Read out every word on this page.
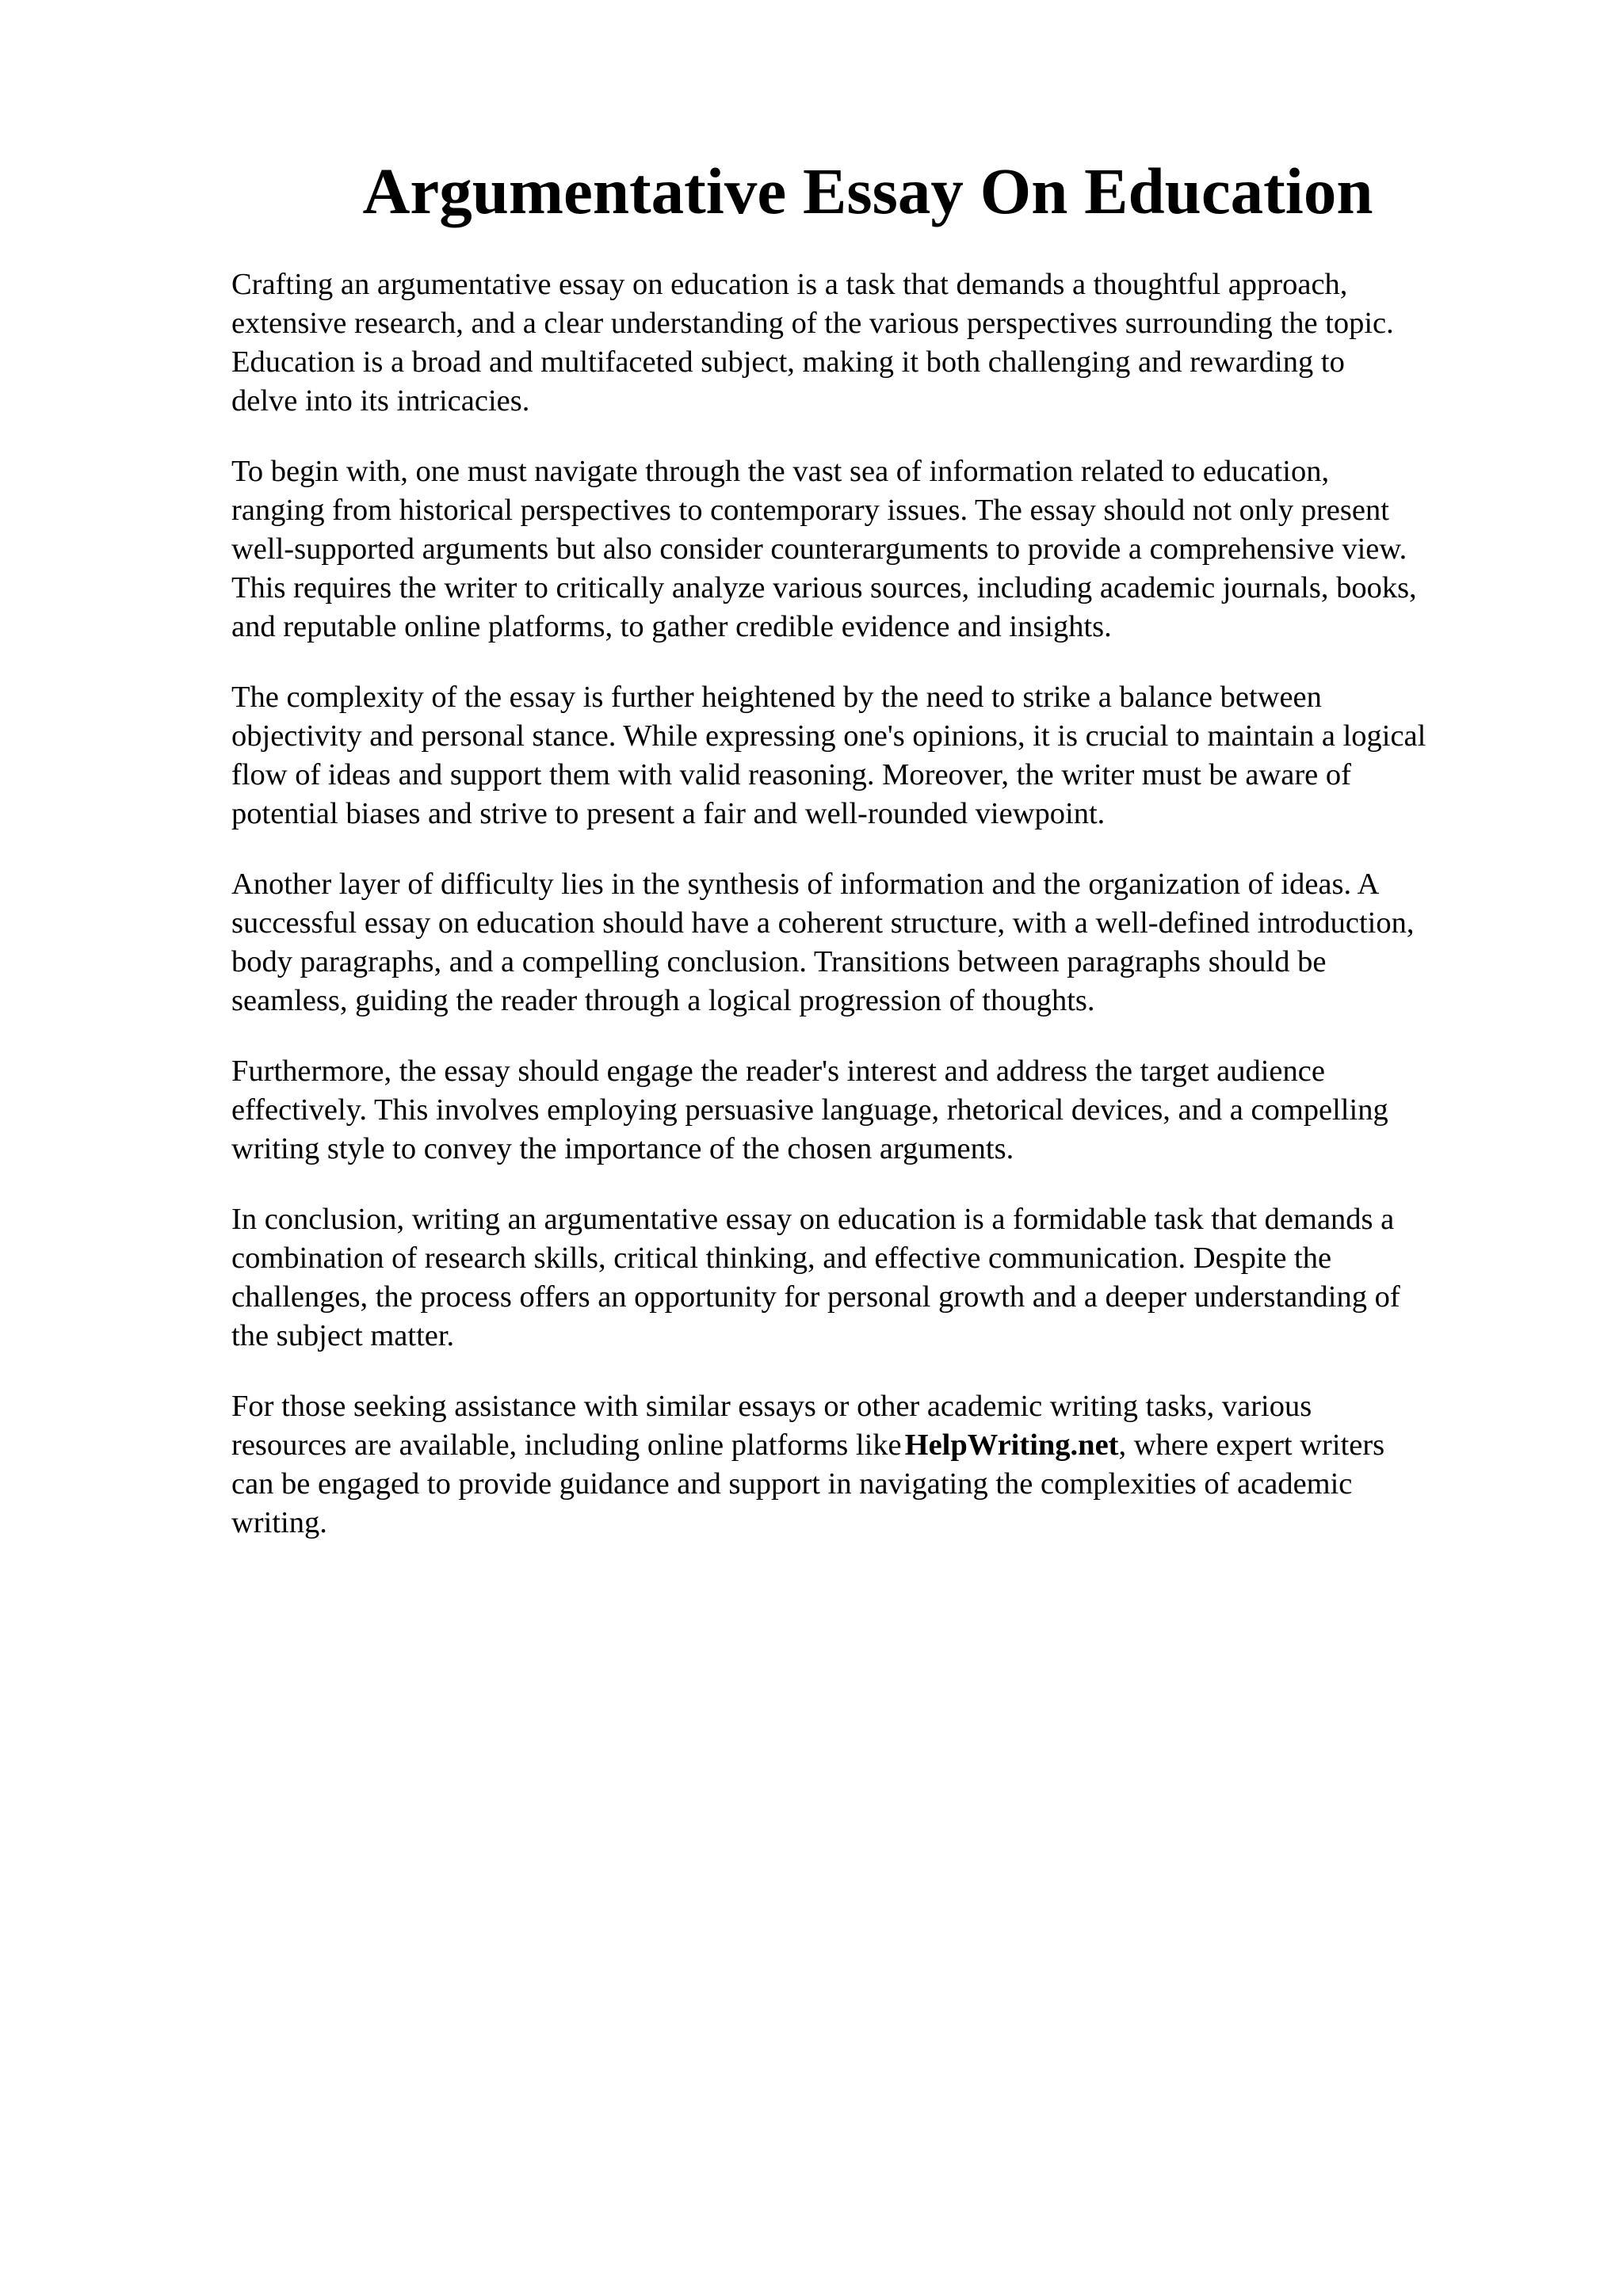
Argumentative Essay On Education

Crafting an argumentative essay on education is a task that demands a thoughtful approach,
extensive research, and a clear understanding of the various perspectives surrounding the topic.
Education is a broad and multifaceted subject, making it both challenging and rewarding to
delve into its intricacies.

To begin with, one must navigate through the vast sea of information related to education,
ranging from historical perspectives to contemporary issues. The essay should not only present
well-supported arguments but also consider counterarguments to provide a comprehensive view.
This requires the writer to critically analyze various sources, including academic journals, books,
and reputable online platforms, to gather credible evidence and insights.

The complexity of the essay is further heightened by the need to strike a balance between
objectivity and personal stance. While expressing one's opinions, it is crucial to maintain a logical
flow of ideas and support them with valid reasoning. Moreover, the writer must be aware of
potential biases and strive to present a fair and well-rounded viewpoint.

Another layer of difficulty lies in the synthesis of information and the organization of ideas. A
successful essay on education should have a coherent structure, with a well-defined introduction,
body paragraphs, and a compelling conclusion. Transitions between paragraphs should be
seamless, guiding the reader through a logical progression of thoughts.

Furthermore, the essay should engage the reader's interest and address the target audience
effectively. This involves employing persuasive language, rhetorical devices, and a compelling
writing style to convey the importance of the chosen arguments.

In conclusion, writing an argumentative essay on education is a formidable task that demands a
combination of research skills, critical thinking, and effective communication. Despite the
challenges, the process offers an opportunity for personal growth and a deeper understanding of
the subject matter.

For those seeking assistance with similar essays or other academic writing tasks, various
resources are available, including online platforms like HelpWriting.net, where expert writers
can be engaged to provide guidance and support in navigating the complexities of academic
writing.
